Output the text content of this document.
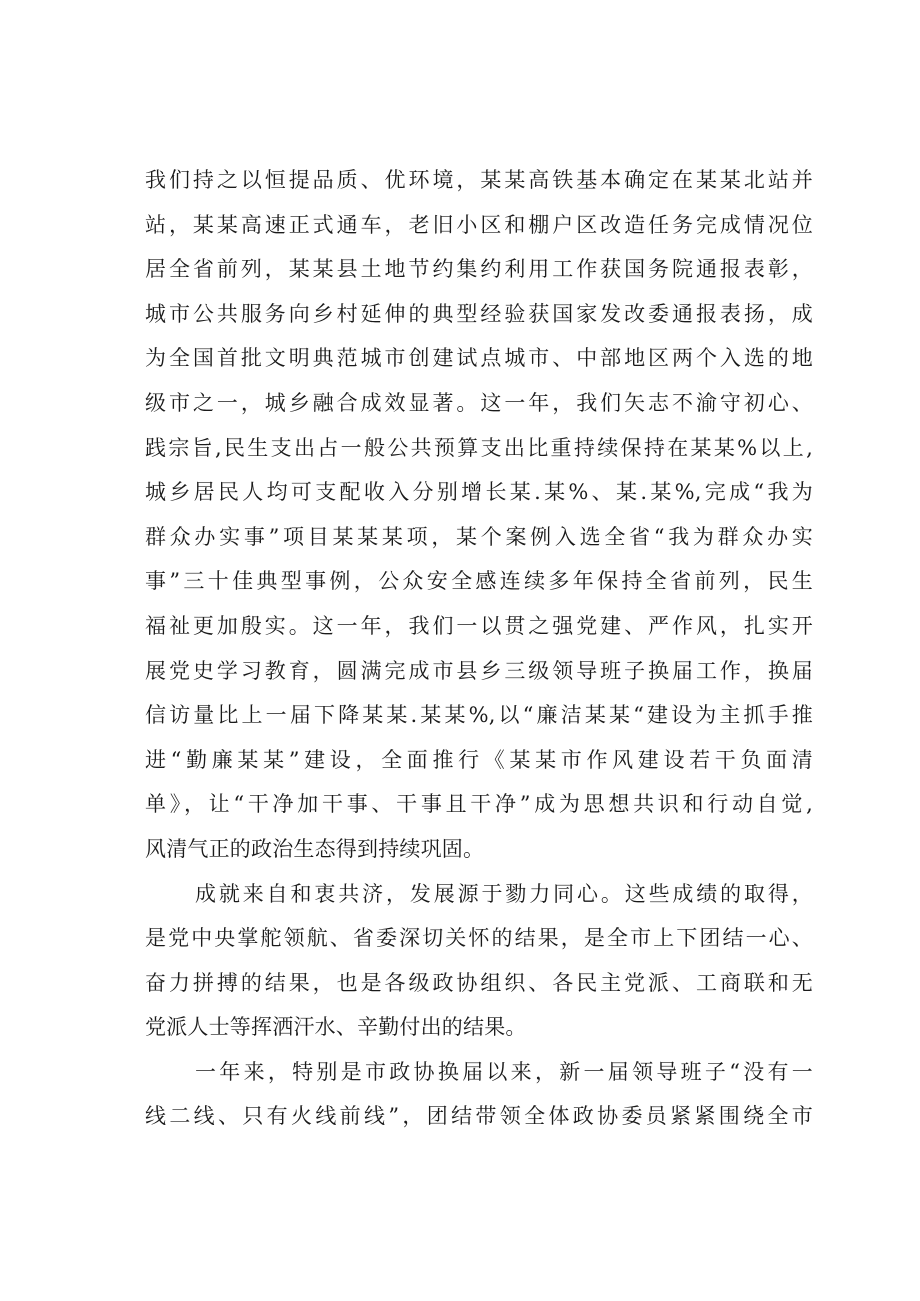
我们持之以恒提品质、优环境，某某高铁基本确定在某某北站并
站，某某高速正式通车，老旧小区和棚户区改造任务完成情况位
居全省前列，某某县土地节约集约利用工作获国务院通报表彰，
城市公共服务向乡村延伸的典型经验获国家发改委通报表扬，成
为全国首批文明典范城市创建试点城市、中部地区两个入选的地
级市之一，城乡融合成效显著。这一年，我们矢志不渝守初心、
践宗旨,民生支出占一般公共预算支出比重持续保持在某某%以上,
城乡居民人均可支配收入分别增长某.某%、某.某%,完成“我为
群众办实事”项目某某某项，某个案例入选全省“我为群众办实
事”三十佳典型事例，公众安全感连续多年保持全省前列，民生
福祉更加殷实。这一年，我们一以贯之强党建、严作风，扎实开
展党史学习教育，圆满完成市县乡三级领导班子换届工作，换届
信访量比上一届下降某某.某某%,以“廉洁某某“建设为主抓手推
进“勤廉某某”建设，全面推行《某某市作风建设若干负面清
单》，让“干净加干事、干事且干净”成为思想共识和行动自觉,
风清气正的政治生态得到持续巩固。
成就来自和衷共济，发展源于勠力同心。这些成绩的取得，
是党中央掌舵领航、省委深切关怀的结果，是全市上下团结一心、
奋力拼搏的结果，也是各级政协组织、各民主党派、工商联和无
党派人士等挥洒汗水、辛勤付出的结果。
一年来，特别是市政协换届以来，新一届领导班子“没有一
线二线、只有火线前线”，团结带领全体政协委员紧紧围绕全市
